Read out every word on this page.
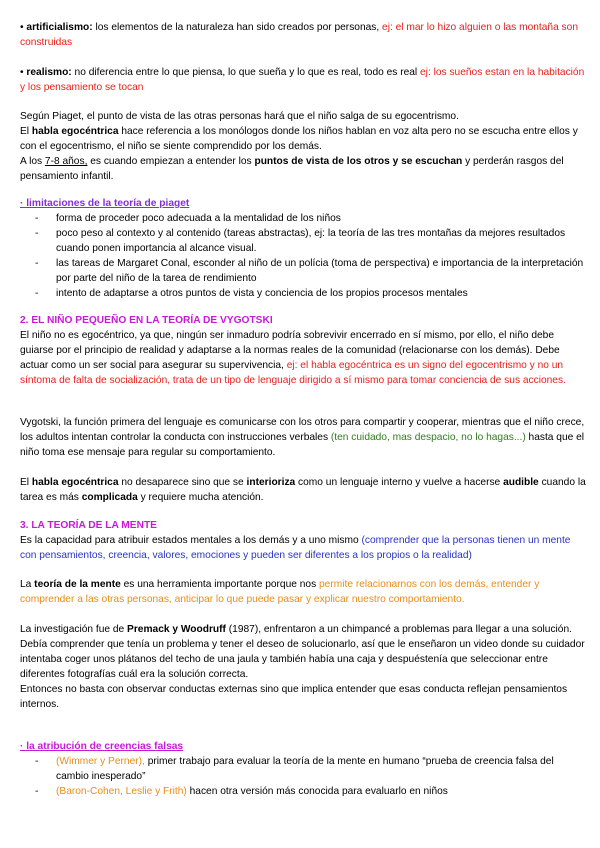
• artificialismo: los elementos de la naturaleza han sido creados por personas, ej: el mar lo hizo alguien o las montaña son construidas

• realismo: no diferencia entre lo que piensa, lo que sueña y lo que es real, todo es real ej: los sueños estan en la habitación y los pensamiento se tocan

Según Piaget, el punto de vista de las otras personas hará que el niño salga de su egocentrismo.

El habla egocéntrica hace referencia a los monólogos donde los niños hablan en voz alta pero no se escucha entre ellos y con el egocentrismo, el niño se siente comprendido por los demás.

A los 7-8 años, es cuando empiezan a entender los puntos de vista de los otros y se escuchan y perderán rasgos del pensamiento infantil.

· limitaciones de la teoría de piaget

- forma de proceder poco adecuada a la mentalidad de los niños
- poco peso al contexto y al contenido (tareas abstractas), ej: la teoría de las tres montañas da mejores resultados cuando ponen importancia al alcance visual.
- las tareas de Margaret Conal, esconder al niño de un polícia (toma de perspectiva) e importancia de la interpretación por parte del niño de la tarea de rendimiento
- intento de adaptarse a otros puntos de vista y conciencia de los propios procesos mentales

2. EL NIÑO PEQUEÑO EN LA TEORÍA DE VYGOTSKI

El niño no es egocéntrico, ya que, ningún ser inmaduro podría sobrevivir encerrado en sí mismo, por ello, el niño debe guiarse por el principio de realidad y adaptarse a la normas reales de la comunidad (relacionarse con los demás). Debe actuar como un ser social para asegurar su supervivencia, ej: el habla egocéntrica es un signo del egocentrismo y no un síntoma de falta de socialización, trata de un tipo de lenguaje dirigido a sí mismo para tomar conciencia de sus acciones.

Vygotski, la función primera del lenguaje es comunicarse con los otros para compartir y cooperar, mientras que el niño crece, los adultos intentan controlar la conducta con instrucciones verbales (ten cuidado, mas despacio, no lo hagas...) hasta que el niño toma ese mensaje para regular su comportamiento.

El habla egocéntrica no desaparece sino que se interioriza como un lenguaje interno y vuelve a hacerse audible cuando la tarea es más complicada y requiere mucha atención.

3. LA TEORÍA DE LA MENTE

Es la capacidad para atribuir estados mentales a los demás y a uno mismo (comprender que la personas tienen un mente con pensamientos, creencia, valores, emociones y pueden ser diferentes a los propios o la realidad)

La teoría de la mente es una herramienta importante porque nos permite relacionarnos con los demás, entender y comprender a las otras personas, anticipar lo que puede pasar y explicar nuestro comportamiento.

La investigación fue de Premack y Woodruff (1987), enfrentaron a un chimpancé a problemas para llegar a una solución.

Debía comprender que tenía un problema y tener el deseo de solucionarlo, así que le enseñaron un video donde su cuidador intentaba coger unos plátanos del techo de una jaula y también había una caja y despuésteníа que seleccionar entre diferentes fotografías cuál era la solución correcta.

Entonces no basta con observar conductas externas sino que implica entender que esas conducta reflejan pensamientos internos.

· la atribución de creencias falsas

- (Wimmer y Perner), primer trabajo para evaluar la teoría de la mente en humano “prueba de creencia falsa del cambio inesperado”
- (Baron-Cohen, Leslie y Frith) hacen otra versión más conocida para evaluarlo en niños
